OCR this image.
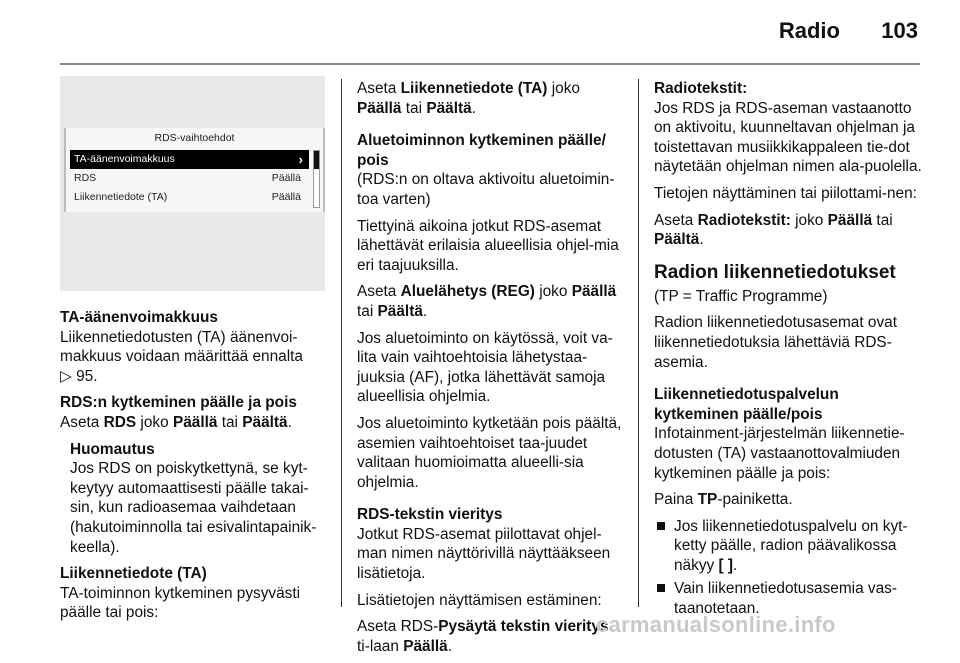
Radio 103
RDS-vaihtoehdot
TA-äänenvoimakkuus	›
RDS	Päällä
Liikennetiedote (TA)	Päällä

TA-äänenvoimakkuus

Liikennetiedotusten (TA) äänenvoi-makkuus voidaan määrittää ennalta
▷ 95.

RDS:n kytkeminen päälle ja pois

Aseta RDS joko Päällä tai Päältä.

Huomautus

Jos RDS on poiskytkettynä, se kyt-keytyy automaattisesti päälle takai-sin, kun radioasemaa vaihdetaan (hakutoiminnolla tai esivalintapainik-keella).

Liikennetiedote (TA)

TA-toiminnon kytkeminen pysyvästi päälle tai pois:

Aseta Liikennetiedote (TA) joko
Päällä tai Päältä.

Aluetoiminnon kytkeminen päälle/ pois

(RDS:n on oltava aktivoitu aluetoimin-toa varten)

Tiettyinä aikoina jotkut RDS-asemat lähettävät erilaisia alueellisia ohjel-mia eri taajuuksilla.

Aseta Aluelähetys (REG) joko Päällä
tai Päältä.

Jos aluetoiminto on käytössä, voit va-lita vain vaihtoehtoisia lähetystaa-juuksia (AF), jotka lähettävät samoja alueellisia ohjelmia.

Jos aluetoiminto kytketään pois päältä, asemien vaihtoehtoiset taa-juudet valitaan huomioimatta alueelli-sia ohjelmia.

RDS-tekstin vieritys

Jotkut RDS-asemat piilottavat ohjel-man nimen näyttörivillä näyttääkseen lisätietoja.

Lisätietojen näyttämisen estäminen:

Aseta RDS-Pysäytä tekstin vieritys ti-laan Päällä.

Radiotekstit:

Jos RDS ja RDS-aseman vastaanotto on aktivoitu, kuunneltavan ohjelman ja toistettavan musiikkikappaleen tie-dot näytetään ohjelman nimen ala-puolella.

Tietojen näyttäminen tai piilottami-nen:

Aseta Radiotekstit: joko Päällä tai
Päältä.

Radion liikennetiedotukset

(TP = Traffic Programme)

Radion liikennetiedotusasemat ovat liikennetiedotuksia lähettäviä RDS-asemia.

Liikennetiedotuspalvelun kytkeminen päälle/pois

Infotainment-järjestelmän liikennetie-dotusten (TA) vastaanottovalmiuden kytkeminen päälle ja pois:

Paina TP-painiketta.

Jos liikennetiedotuspalvelu on kyt-ketty päälle, radion päävalikossa näkyy [ ].
Vain liikennetiedotusasemia vas-taanotetaan.
carmanualsonline.info
